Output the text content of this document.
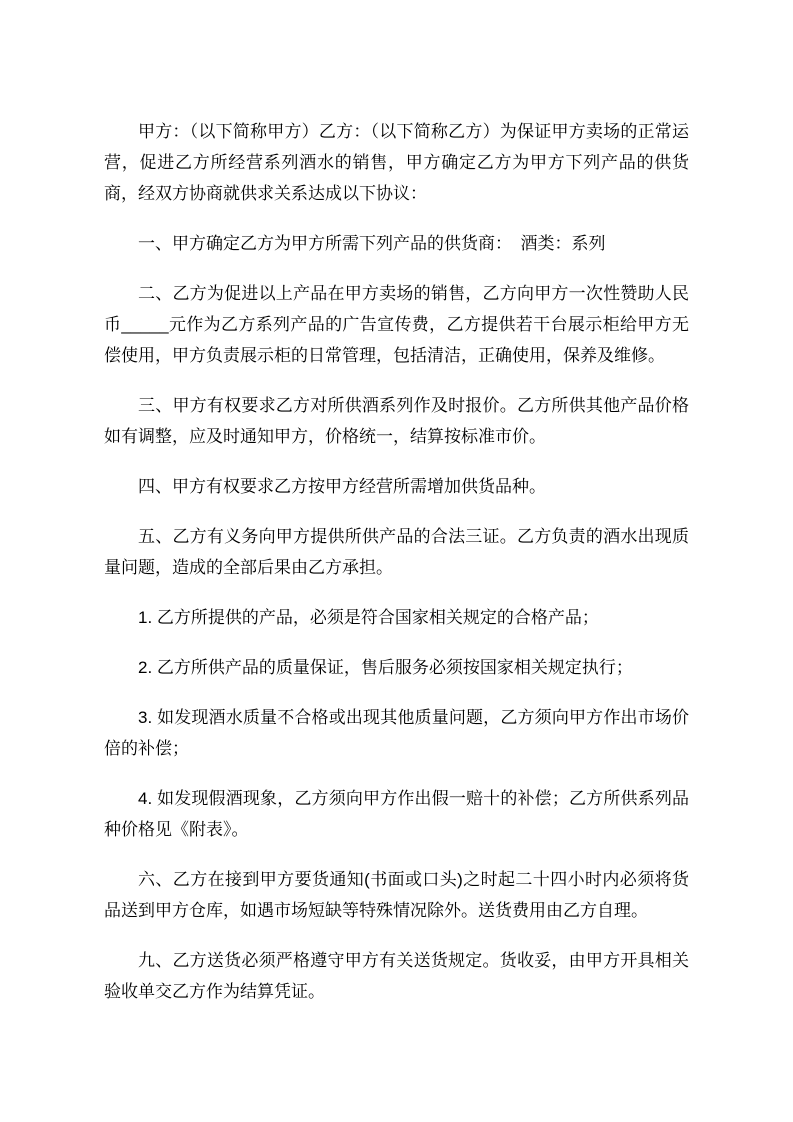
甲方：（以下简称甲方）乙方：（以下简称乙方）为保证甲方卖场的正常运营，促进乙方所经营系列酒水的销售，甲方确定乙方为甲方下列产品的供货商，经双方协商就供求关系达成以下协议：

一、甲方确定乙方为甲方所需下列产品的供货商：　酒类：系列

二、乙方为促进以上产品在甲方卖场的销售，乙方向甲方一次性赞助人民币_____元作为乙方系列产品的广告宣传费，乙方提供若干台展示柜给甲方无偿使用，甲方负责展示柜的日常管理，包括清洁，正确使用，保养及维修。

三、甲方有权要求乙方对所供酒系列作及时报价。乙方所供其他产品价格如有调整，应及时通知甲方，价格统一，结算按标准市价。

四、甲方有权要求乙方按甲方经营所需增加供货品种。

五、乙方有义务向甲方提供所供产品的合法三证。乙方负责的酒水出现质量问题，造成的全部后果由乙方承担。

1. 乙方所提供的产品，必须是符合国家相关规定的合格产品；

2. 乙方所供产品的质量保证，售后服务必须按国家相关规定执行；

3. 如发现酒水质量不合格或出现其他质量问题，乙方须向甲方作出市场价倍的补偿；

4. 如发现假酒现象，乙方须向甲方作出假一赔十的补偿；乙方所供系列品种价格见《附表》。

六、乙方在接到甲方要货通知(书面或口头)之时起二十四小时内必须将货品送到甲方仓库，如遇市场短缺等特殊情况除外。送货费用由乙方自理。

九、乙方送货必须严格遵守甲方有关送货规定。货收妥，由甲方开具相关验收单交乙方作为结算凭证。
